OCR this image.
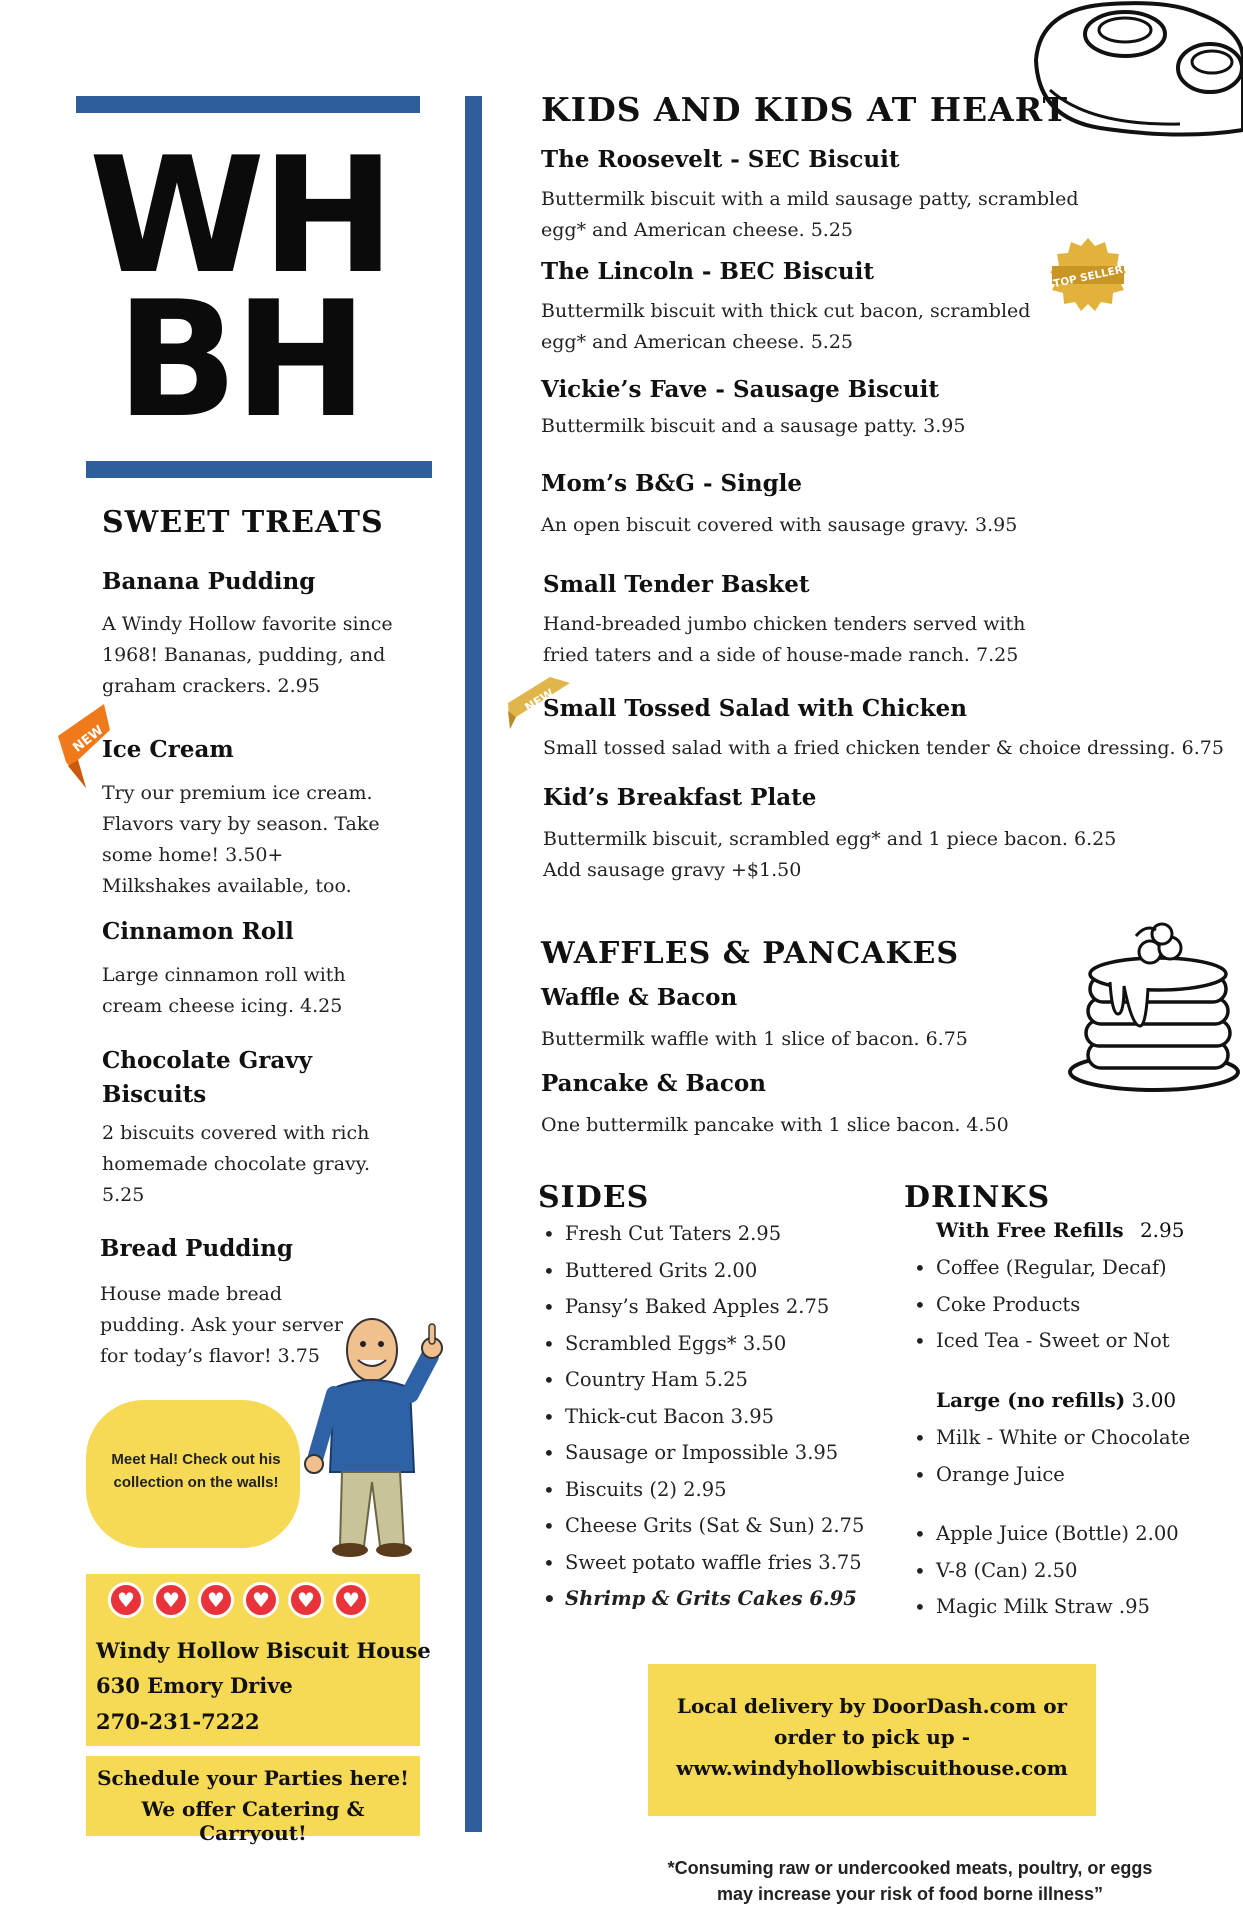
WH
BH
SWEET TREATS
Banana Pudding
A Windy Hollow favorite since 1968! Bananas, pudding, and graham crackers. 2.95
NEW
Ice Cream
Try our premium ice cream. Flavors vary by season. Take some home! 3.50+ Milkshakes available, too.
Cinnamon Roll
Large cinnamon roll with cream cheese icing. 4.25
Chocolate Gravy Biscuits
2 biscuits covered with rich homemade chocolate gravy. 5.25
Bread Pudding
House made bread pudding. Ask your server for today’s flavor! 3.75
Meet Hal! Check out his collection on the walls!
♥	♥	♥	♥	♥	♥
Windy Hollow Biscuit House
630 Emory Drive
270-231-7222
Schedule your Parties here!
We offer Catering & Carryout!
KIDS AND KIDS AT HEART
The Roosevelt - SEC Biscuit
Buttermilk biscuit with a mild sausage patty, scrambled egg* and American cheese. 5.25
The Lincoln - BEC Biscuit
Buttermilk biscuit with thick cut bacon, scrambled egg* and American cheese. 5.25
TOP SELLER
Vickie’s Fave - Sausage Biscuit
Buttermilk biscuit and a sausage patty. 3.95
Mom’s B&G - Single
An open biscuit covered with sausage gravy. 3.95
Small Tender Basket
Hand-breaded jumbo chicken tenders served with fried taters and a side of house-made ranch. 7.25
NEW
Small Tossed Salad with Chicken
Small tossed salad with a fried chicken tender & choice dressing. 6.75
Kid’s Breakfast Plate
Buttermilk biscuit, scrambled egg* and 1 piece bacon. 6.25 Add sausage gravy +$1.50
WAFFLES & PANCAKES
Waffle & Bacon
Buttermilk waffle with 1 slice of bacon. 6.75
Pancake & Bacon
One buttermilk pancake with 1 slice bacon. 4.50
SIDES
• Fresh Cut Taters 2.95
• Buttered Grits 2.00
• Pansy’s Baked Apples 2.75
• Scrambled Eggs* 3.50
• Country Ham 5.25
• Thick-cut Bacon 3.95
• Sausage or Impossible 3.95
• Biscuits (2) 2.95
• Cheese Grits (Sat & Sun) 2.75
• Sweet potato waffle fries 3.75
• Shrimp & Grits Cakes 6.95
DRINKS
With Free Refills 2.95
• Coffee (Regular, Decaf)
• Coke Products
• Iced Tea - Sweet or Not
Large (no refills) 3.00
• Milk - White or Chocolate
• Orange Juice
• Apple Juice (Bottle) 2.00
• V-8 (Can) 2.50
• Magic Milk Straw .95
Local delivery by DoorDash.com or
order to pick up -
www.windyhollowbiscuithouse.com
*Consuming raw or undercooked meats, poultry, or eggs
may increase your risk of food borne illness”
